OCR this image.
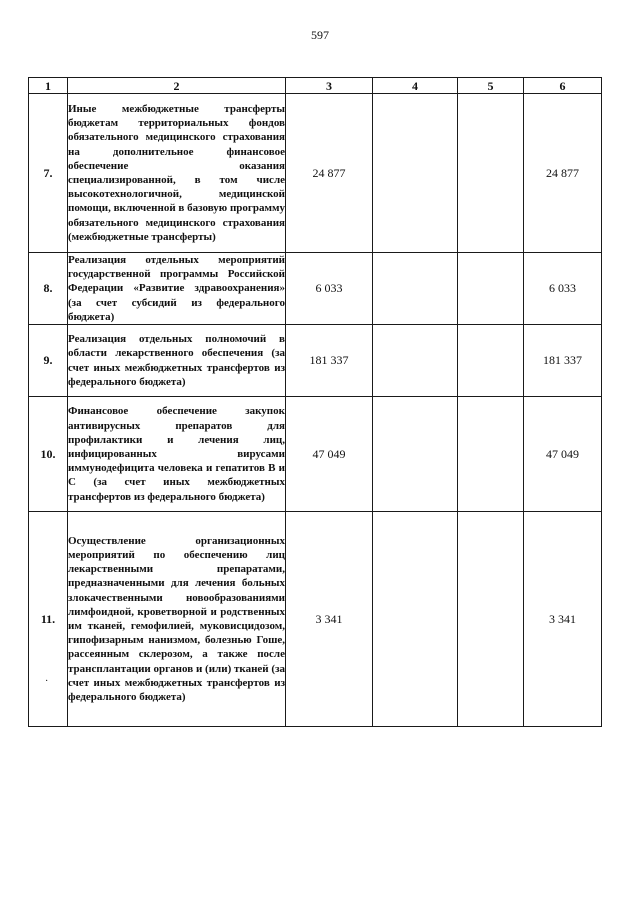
597
1	2	3	4	5	6
7.	Иные межбюджетные трансферты бюджетам территориальных фондов обязательного медицинского страхования на дополнительное финансовое обеспечение оказания специализированной, в том числе высокотехнологичной, медицинской помощи, включенной в базовую программу обязательного медицинского страхования (межбюджетные трансферты)	24 877			24 877
8.	Реализация отдельных мероприятий государственной программы Российской Федерации «Развитие здравоохранения» (за счет субсидий из федерального бюджета)	6 033			6 033
9.	Реализация отдельных полномочий в области лекарственного обеспечения (за счет иных межбюджетных трансфертов из федерального бюджета)	181 337			181 337
10.	Финансовое обеспечение закупок антивирусных препаратов для профилактики и лечения лиц, инфицированных вирусами иммунодефицита человека и гепатитов В и С (за счет иных межбюджетных трансфертов из федерального бюджета)	47 049			47 049
11.	Осуществление организационных мероприятий по обеспечению лиц лекарственными препаратами, предназначенными для лечения больных злокачественными новообразованиями лимфоидной, кроветворной и родственных им тканей, гемофилией, муковисцидозом, гипофизарным нанизмом, болезнью Гоше, рассеянным склерозом, а также после трансплантации органов и (или) тканей (за счет иных межбюджетных трансфертов из федерального бюджета)	3 341			3 341
·
